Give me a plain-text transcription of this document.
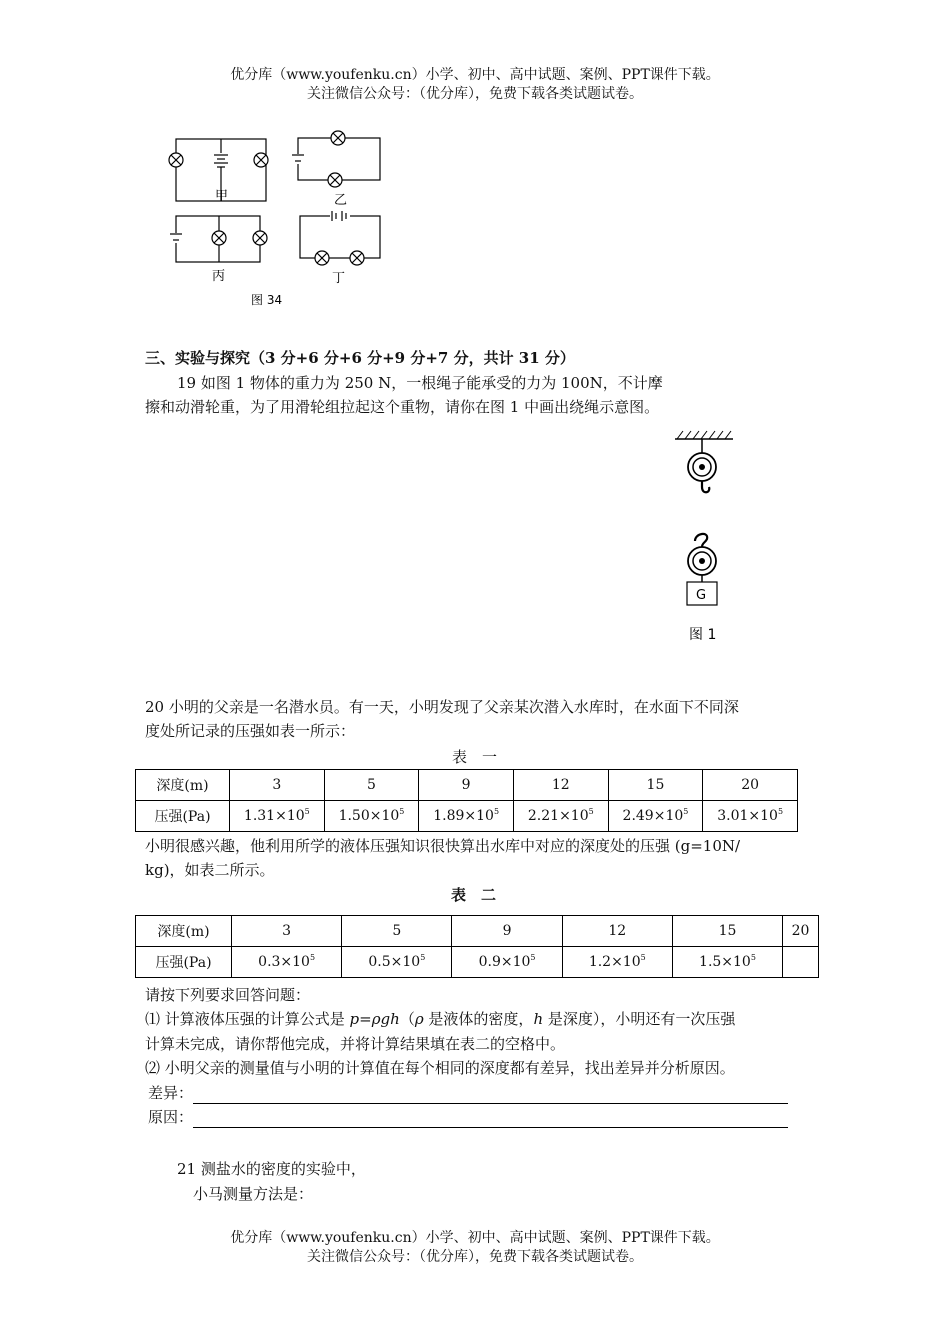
优分库（www.youfenku.cn）小学、初中、高中试题、案例、PPT课件下载。
关注微信公众号：（优分库），免费下载各类试题试卷。
甲	乙
丙	丁
图 34
三、实验与探究（3 分+6 分+6 分+9 分+7 分，共计 31 分）
19 如图 1 物体的重力为 250 N，一根绳子能承受的力为 100N，不计摩
擦和动滑轮重，为了用滑轮组拉起这个重物，请你在图 1 中画出绕绳示意图。
G
图 1
20 小明的父亲是一名潜水员。有一天，小明发现了父亲某次潜入水库时，在水面下不同深
度处所记录的压强如表一所示：
表　一
深度(m)	3	5	9	12	15	20
压强(Pa)	$1.31\times 10^5$	$1.50\times 10^5$	$1.89\times 10^5$	$2.21\times 10^5$	$2.49\times 10^5$	$3.01\times 10^5$
小明很感兴趣，他利用所学的液体压强知识很快算出水库中对应的深度处的压强 (g=10N/
kg)，如表二所示。
表　二
深度(m)	3	5	9	12	15	20
压强(Pa)	$0.3\times 10^5$	$0.5\times 10^5$	$0.9\times 10^5$	$1.2\times 10^5$	$1.5\times 10^5$	
请按下列要求回答问题：
⑴ 计算液体压强的计算公式是 p=ρgh（ρ 是液体的密度，h 是深度），小明还有一次压强
计算未完成，请你帮他完成，并将计算结果填在表二的空格中。
⑵ 小明父亲的测量值与小明的计算值在每个相同的深度都有差异，找出差异并分析原因。
差异：
原因：
21 测盐水的密度的实验中，
小马测量方法是：
优分库（www.youfenku.cn）小学、初中、高中试题、案例、PPT课件下载。
关注微信公众号：（优分库），免费下载各类试题试卷。
